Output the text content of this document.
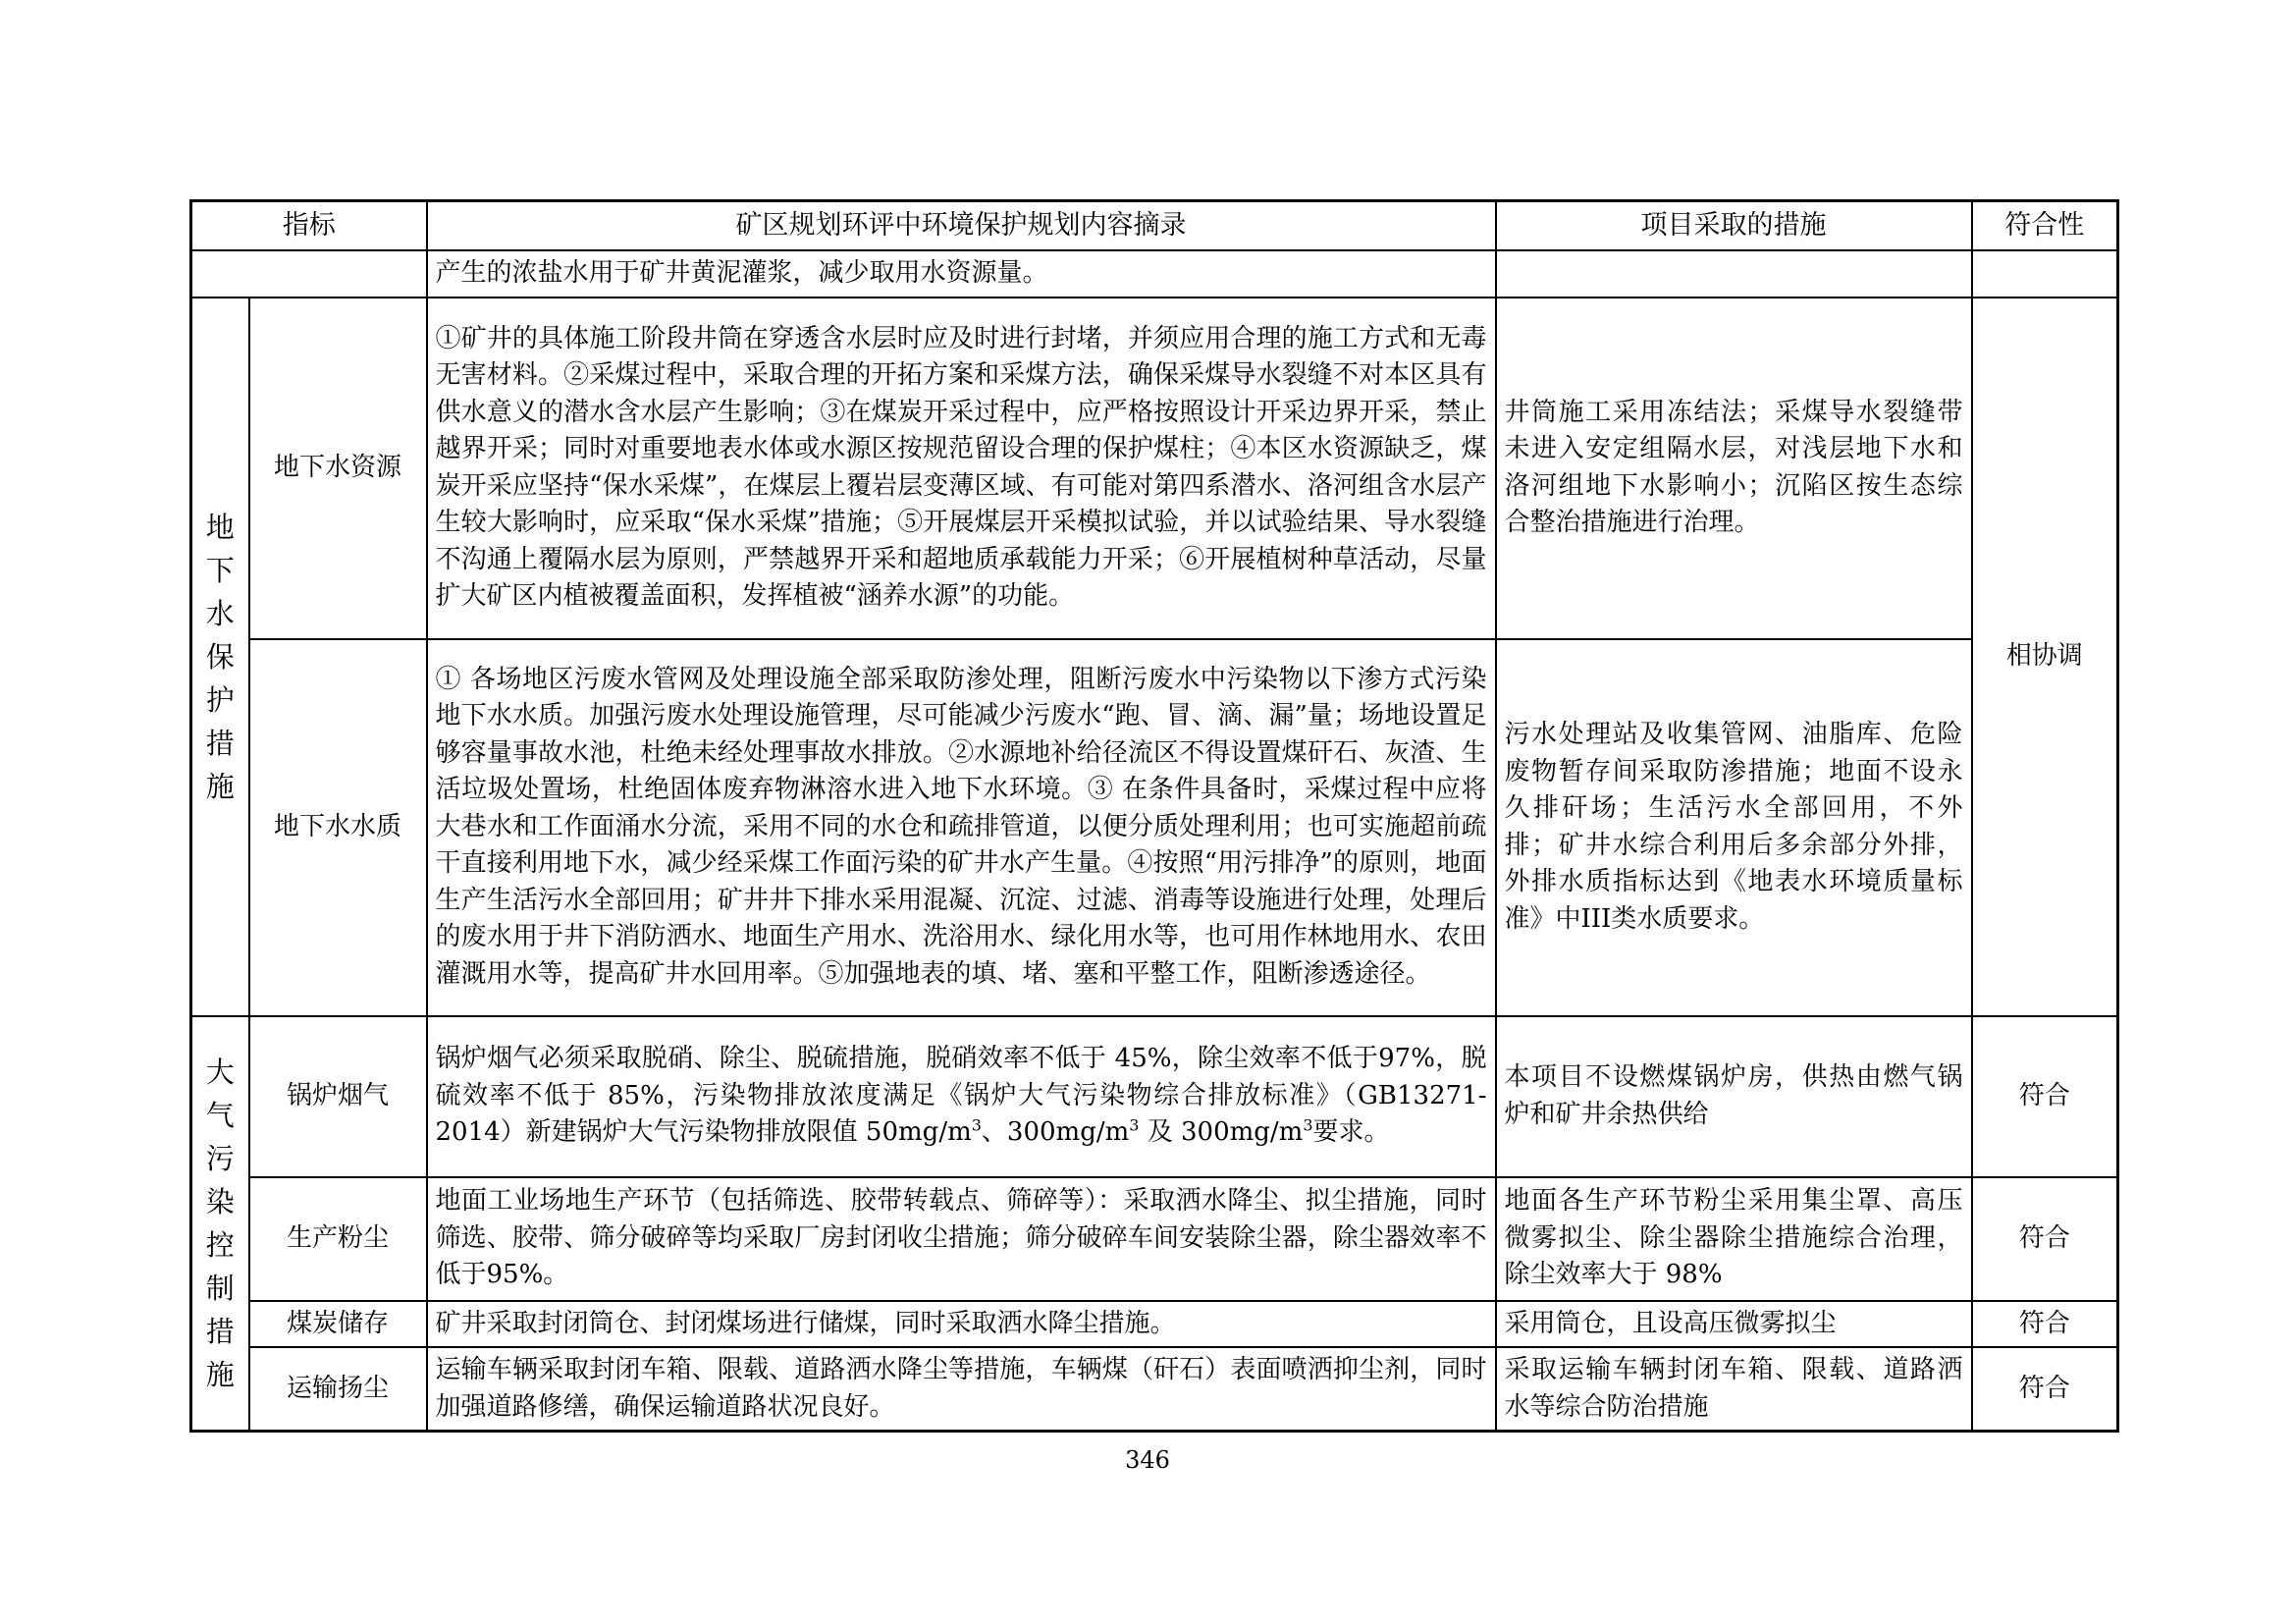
指标		矿区规划环评中环境保护规划内容摘录	项目采取的措施	符合性
		产生的浓盐水用于矿井黄泥灌浆，减少取用水资源量。		

地下水保护措施	地下水资源	①矿井的具体施工阶段井筒在穿透含水层时应及时进行封堵，并须应用合理的施工方式和无毒无害材料。②采煤过程中，采取合理的开拓方案和采煤方法，确保采煤导水裂缝不对本区具有供水意义的潜水含水层产生影响；③在煤炭开采过程中，应严格按照设计开采边界开采，禁止越界开采；同时对重要地表水体或水源区按规范留设合理的保护煤柱；④本区水资源缺乏，煤炭开采应坚持“保水采煤”，在煤层上覆岩层变薄区域、有可能对第四系潜水、洛河组含水层产生较大影响时，应采取“保水采煤”措施；⑤开展煤层开采模拟试验，并以试验结果、导水裂缝不沟通上覆隔水层为原则，严禁越界开采和超地质承载能力开采；⑥开展植树种草活动，尽量扩大矿区内植被覆盖面积，发挥植被“涵养水源”的功能。	井筒施工采用冻结法；采煤导水裂缝带未进入安定组隔水层，对浅层地下水和洛河组地下水影响小；沉陷区按生态综合整治措施进行治理。	相协调
	地下水水质	① 各场地区污废水管网及处理设施全部采取防渗处理，阻断污废水中污染物以下渗方式污染地下水水质。加强污废水处理设施管理，尽可能减少污废水“跑、冒、滴、漏”量；场地设置足够容量事故水池，杜绝未经处理事故水排放。②水源地补给径流区不得设置煤矸石、灰渣、生活垃圾处置场，杜绝固体废弃物淋溶水进入地下水环境。③ 在条件具备时，采煤过程中应将大巷水和工作面涌水分流，采用不同的水仓和疏排管道，以便分质处理利用；也可实施超前疏干直接利用地下水，减少经采煤工作面污染的矿井水产生量。④按照“用污排净”的原则，地面生产生活污水全部回用；矿井井下排水采用混凝、沉淀、过滤、消毒等设施进行处理，处理后的废水用于井下消防洒水、地面生产用水、洗浴用水、绿化用水等，也可用作林地用水、农田灌溉用水等，提高矿井水回用率。⑤加强地表的填、堵、塞和平整工作，阻断渗透途径。	污水处理站及收集管网、油脂库、危险废物暂存间采取防渗措施；地面不设永久排矸场；生活污水全部回用，不外排；矿井水综合利用后多余部分外排，外排水质指标达到《地表水环境质量标准》中III类水质要求。	

大气污染控制措施	锅炉烟气	锅炉烟气必须采取脱硝、除尘、脱硫措施，脱硝效率不低于 45%，除尘效率不低于97%，脱硫效率不低于 85%，污染物排放浓度满足《锅炉大气污染物综合排放标准》（GB13271-2014）新建锅炉大气污染物排放限值 $50mg/m^3$、$300mg/m^3$ 及 $300mg/m^3$要求。	本项目不设燃煤锅炉房，供热由燃气锅炉和矿井余热供给	符合
	生产粉尘	地面工业场地生产环节（包括筛选、胶带转载点、筛碎等）：采取洒水降尘、拟尘措施，同时筛选、胶带、筛分破碎等均采取厂房封闭收尘措施；筛分破碎车间安装除尘器，除尘器效率不低于95%。	地面各生产环节粉尘采用集尘罩、高压微雾拟尘、除尘器除尘措施综合治理，除尘效率大于 98%	符合
	煤炭储存	矿井采取封闭筒仓、封闭煤场进行储煤，同时采取洒水降尘措施。	采用筒仓，且设高压微雾拟尘	符合
	运输扬尘	运输车辆采取封闭车箱、限载、道路洒水降尘等措施，车辆煤（矸石）表面喷洒抑尘剂，同时加强道路修缮，确保运输道路状况良好。	采取运输车辆封闭车箱、限载、道路洒水等综合防治措施	符合
346
